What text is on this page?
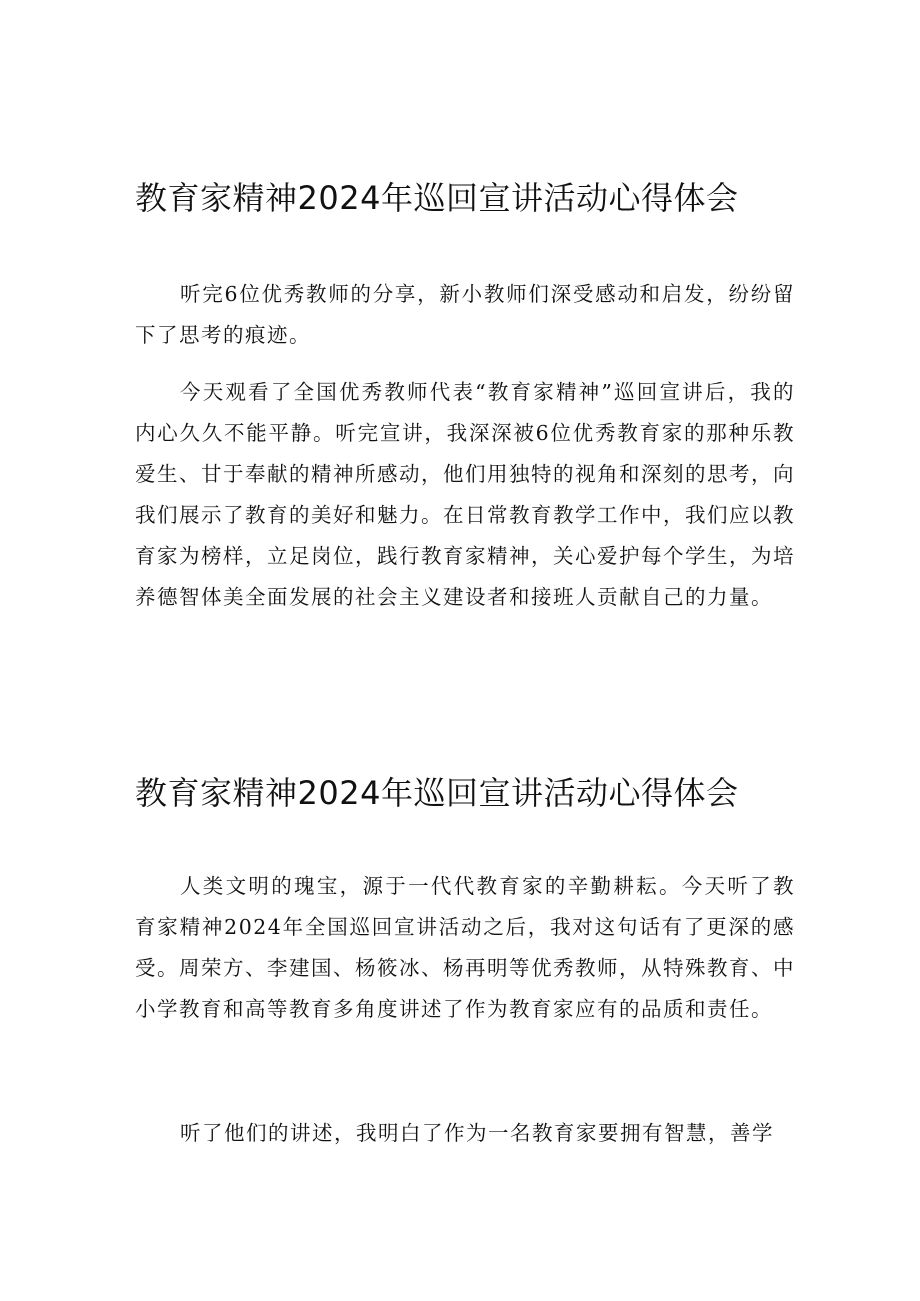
教育家精神2024年巡回宣讲活动心得体会

听完6位优秀教师的分享，新小教师们深受感动和启发，纷纷留下了思考的痕迹。

今天观看了全国优秀教师代表“教育家精神”巡回宣讲后，我的内心久久不能平静。听完宣讲，我深深被6位优秀教育家的那种乐教爱生、甘于奉献的精神所感动，他们用独特的视角和深刻的思考，向我们展示了教育的美好和魅力。在日常教育教学工作中，我们应以教育家为榜样，立足岗位，践行教育家精神，关心爱护每个学生，为培养德智体美全面发展的社会主义建设者和接班人贡献自己的力量。

教育家精神2024年巡回宣讲活动心得体会

人类文明的瑰宝，源于一代代教育家的辛勤耕耘。今天听了教育家精神2024年全国巡回宣讲活动之后，我对这句话有了更深的感受。周荣方、李建国、杨筱冰、杨再明等优秀教师，从特殊教育、中小学教育和高等教育多角度讲述了作为教育家应有的品质和责任。

听了他们的讲述，我明白了作为一名教育家要拥有智慧，善学
